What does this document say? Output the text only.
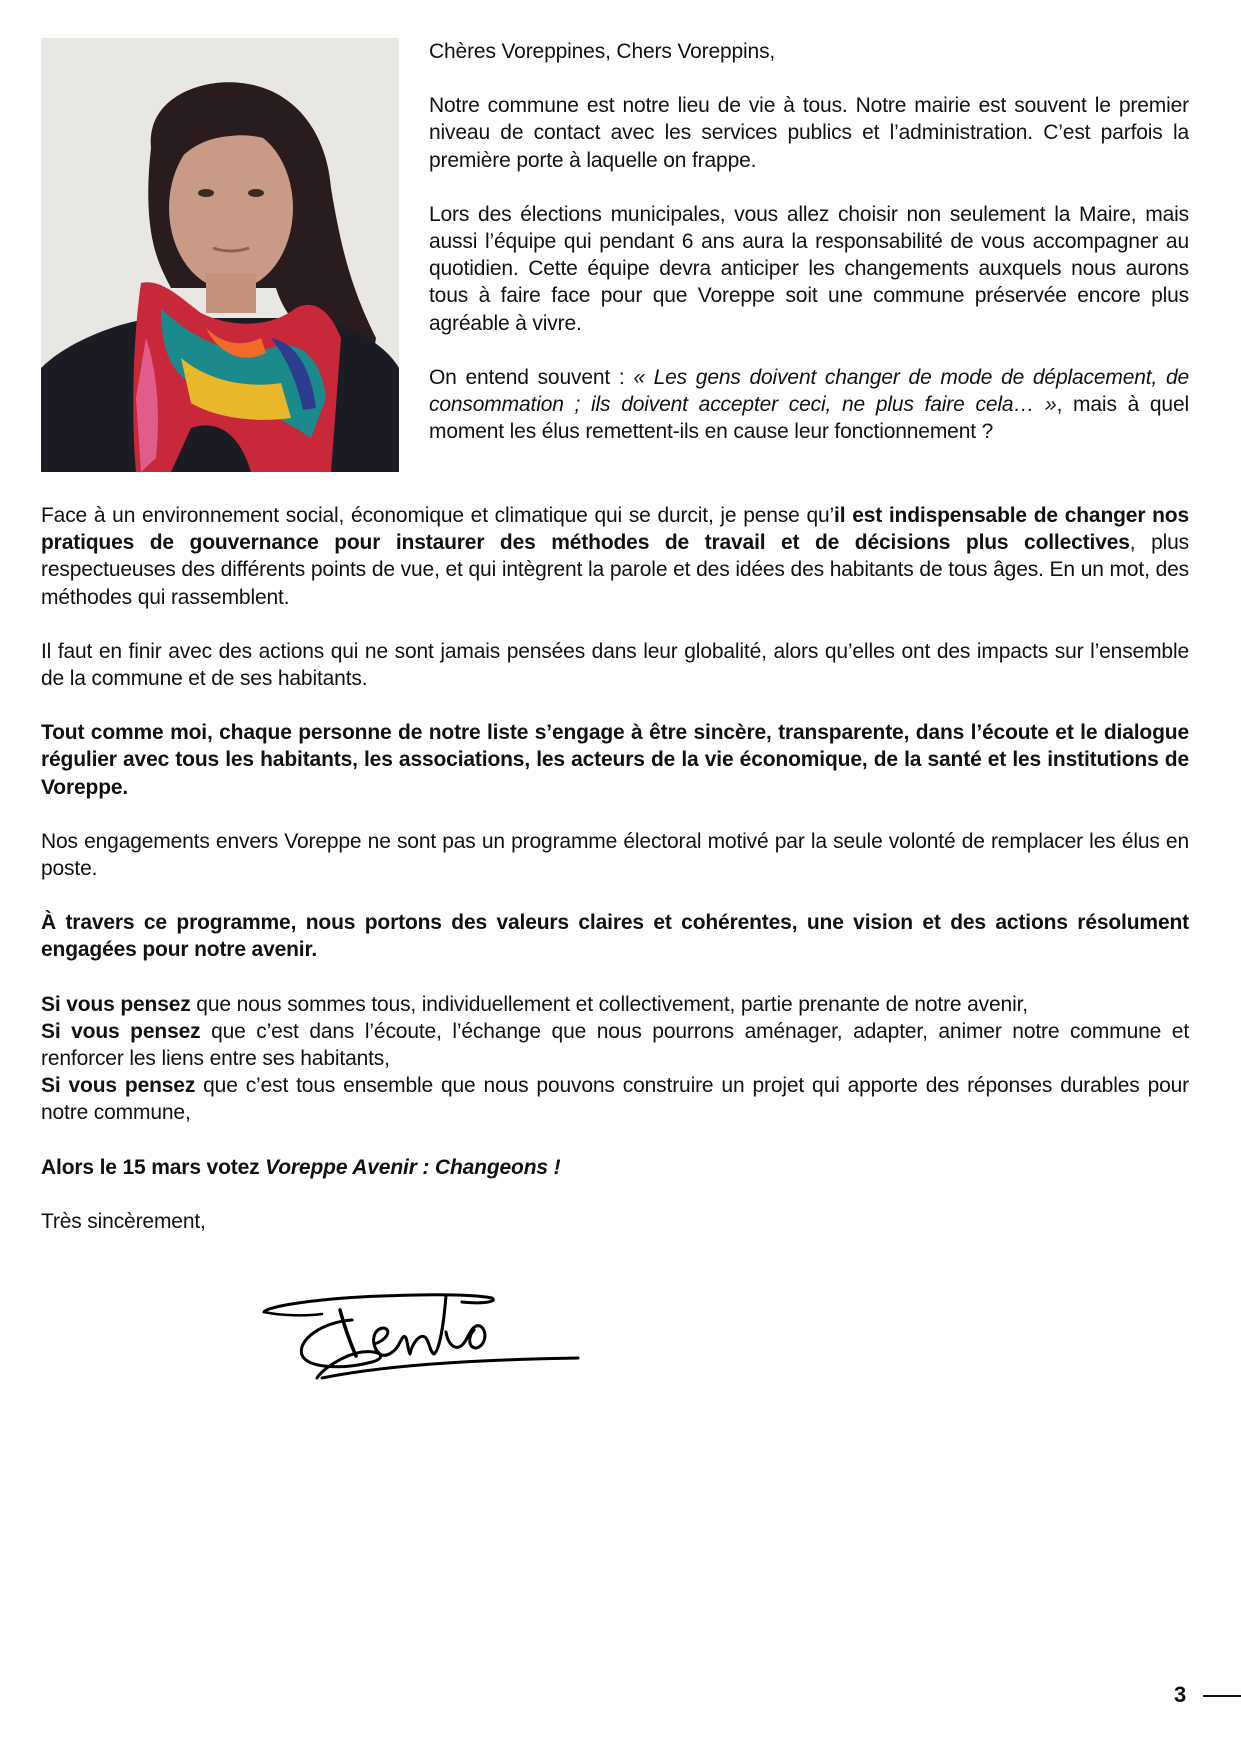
Chères Voreppines, Chers Voreppins,

Notre commune est notre lieu de vie à tous. Notre mairie est souvent le premier niveau de contact avec les services publics et l’administration. C’est parfois la première porte à laquelle on frappe.

Lors des élections municipales, vous allez choisir non seulement la Maire, mais aussi l’équipe qui pendant 6 ans aura la responsabilité de vous accompagner au quotidien. Cette équipe devra anticiper les changements auxquels nous aurons tous à faire face pour que Voreppe soit une commune préservée encore plus agréable à vivre.

On entend souvent : « Les gens doivent changer de mode de déplacement, de consommation ; ils doivent accepter ceci, ne plus faire cela… », mais à quel moment les élus remettent-ils en cause leur fonctionnement ?

Face à un environnement social, économique et climatique qui se durcit, je pense qu’il est indispensable de changer nos pratiques de gouvernance pour instaurer des méthodes de travail et de décisions plus collectives, plus respectueuses des différents points de vue, et qui intègrent la parole et des idées des habitants de tous âges. En un mot, des méthodes qui rassemblent.

Il faut en finir avec des actions qui ne sont jamais pensées dans leur globalité, alors qu’elles ont des impacts sur l’ensemble de la commune et de ses habitants.

Tout comme moi, chaque personne de notre liste s’engage à être sincère, transparente, dans l’écoute et le dialogue régulier avec tous les habitants, les associations, les acteurs de la vie économique, de la santé et les institutions de Voreppe.

Nos engagements envers Voreppe ne sont pas un programme électoral motivé par la seule volonté de remplacer les élus en poste.

À travers ce programme, nous portons des valeurs claires et cohérentes, une vision et des actions résolument engagées pour notre avenir.

Si vous pensez que nous sommes tous, individuellement et collectivement, partie prenante de notre avenir,

Si vous pensez que c’est dans l’écoute, l’échange que nous pourrons aménager, adapter, animer notre commune et renforcer les liens entre ses habitants,

Si vous pensez que c’est tous ensemble que nous pouvons construire un projet qui apporte des réponses durables pour notre commune,

Alors le 15 mars votez Voreppe Avenir : Changeons !

Très sincèrement,

3
